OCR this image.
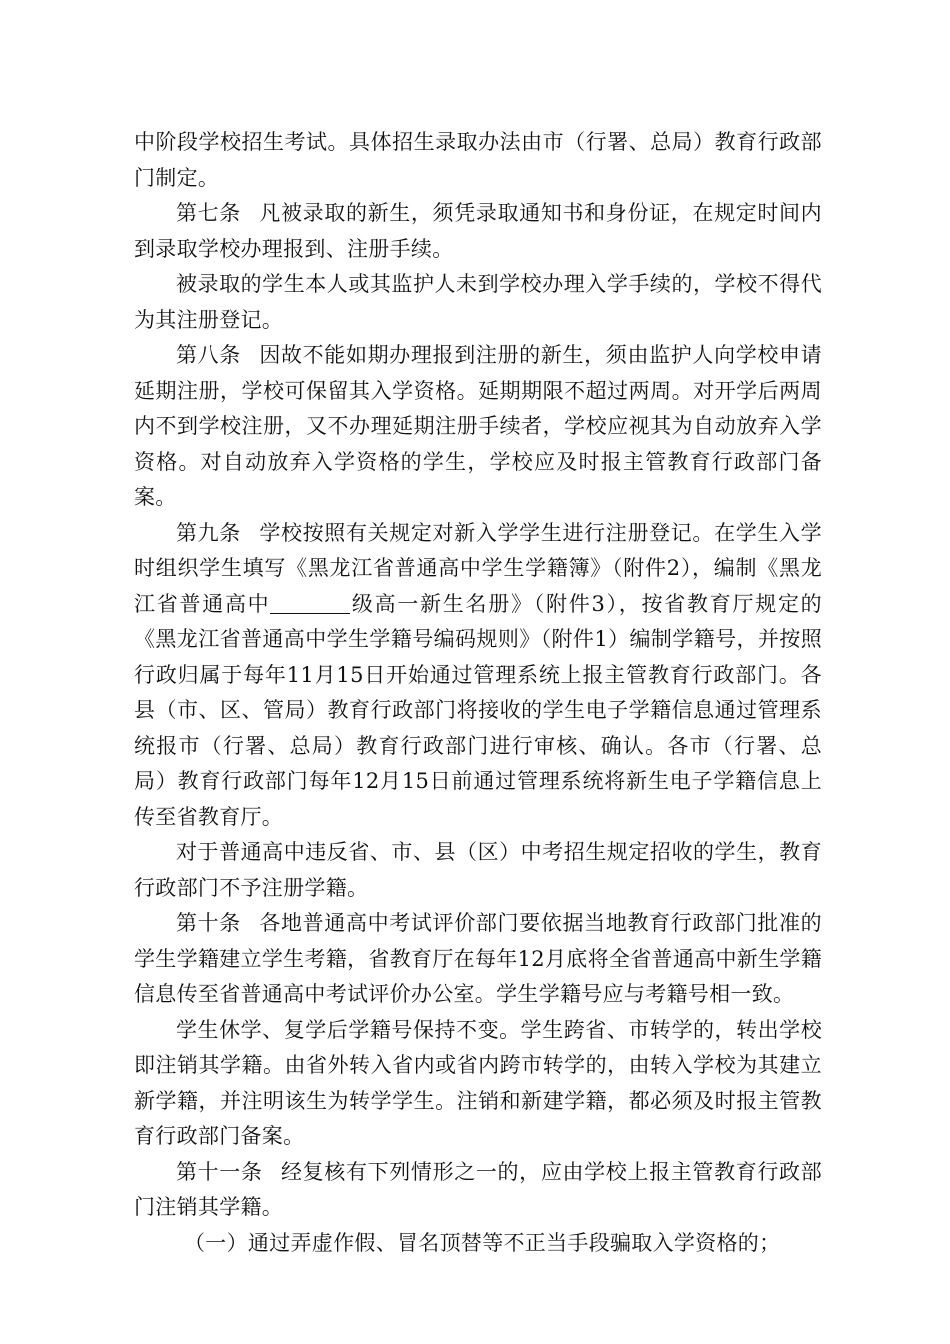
中阶段学校招生考试。具体招生录取办法由市（行署、总局）教育行政部门制定。

第七条 凡被录取的新生，须凭录取通知书和身份证，在规定时间内到录取学校办理报到、注册手续。

被录取的学生本人或其监护人未到学校办理入学手续的，学校不得代为其注册登记。

第八条 因故不能如期办理报到注册的新生，须由监护人向学校申请延期注册，学校可保留其入学资格。延期期限不超过两周。对开学后两周内不到学校注册，又不办理延期注册手续者，学校应视其为自动放弃入学资格。对自动放弃入学资格的学生，学校应及时报主管教育行政部门备案。

第九条 学校按照有关规定对新入学学生进行注册登记。在学生入学时组织学生填写《黑龙江省普通高中学生学籍簿》（附件2），编制《黑龙江省普通高中	级高一新生名册》（附件3），按省教育厅规定的《黑龙江省普通高中学生学籍号编码规则》（附件1）编制学籍号，并按照行政归属于每年11月15日开始通过管理系统上报主管教育行政部门。各县（市、区、管局）教育行政部门将接收的学生电子学籍信息通过管理系统报市（行署、总局）教育行政部门进行审核、确认。各市（行署、总局）教育行政部门每年12月15日前通过管理系统将新生电子学籍信息上传至省教育厅。

对于普通高中违反省、市、县（区）中考招生规定招收的学生，教育行政部门不予注册学籍。

第十条 各地普通高中考试评价部门要依据当地教育行政部门批准的学生学籍建立学生考籍，省教育厅在每年12月底将全省普通高中新生学籍信息传至省普通高中考试评价办公室。学生学籍号应与考籍号相一致。

学生休学、复学后学籍号保持不变。学生跨省、市转学的，转出学校即注销其学籍。由省外转入省内或省内跨市转学的，由转入学校为其建立新学籍，并注明该生为转学学生。注销和新建学籍，都必须及时报主管教育行政部门备案。

第十一条 经复核有下列情形之一的，应由学校上报主管教育行政部门注销其学籍。

（一）通过弄虚作假、冒名顶替等不正当手段骗取入学资格的；
